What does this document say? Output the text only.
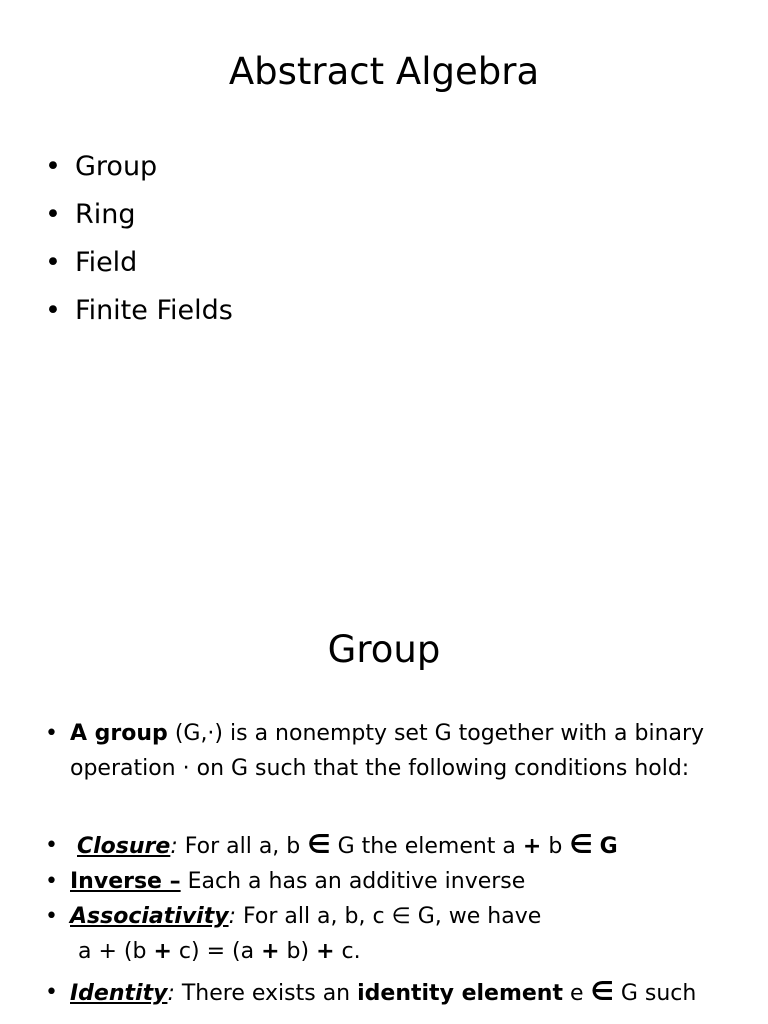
Abstract Algebra
• Group
• Ring
• Field
• Finite Fields
Group
• A group (G,·) is a nonempty set G together with a binary
operation · on G such that the following conditions hold:
• Closure: For all a, b ∈ G the element a + b ∈ G
• Inverse – Each a has an additive inverse
• Associativity: For all a, b, c ∈ G, we have
a + (b + c) = (a + b) + c.
• Identity: There exists an identity element e ∈ G such
